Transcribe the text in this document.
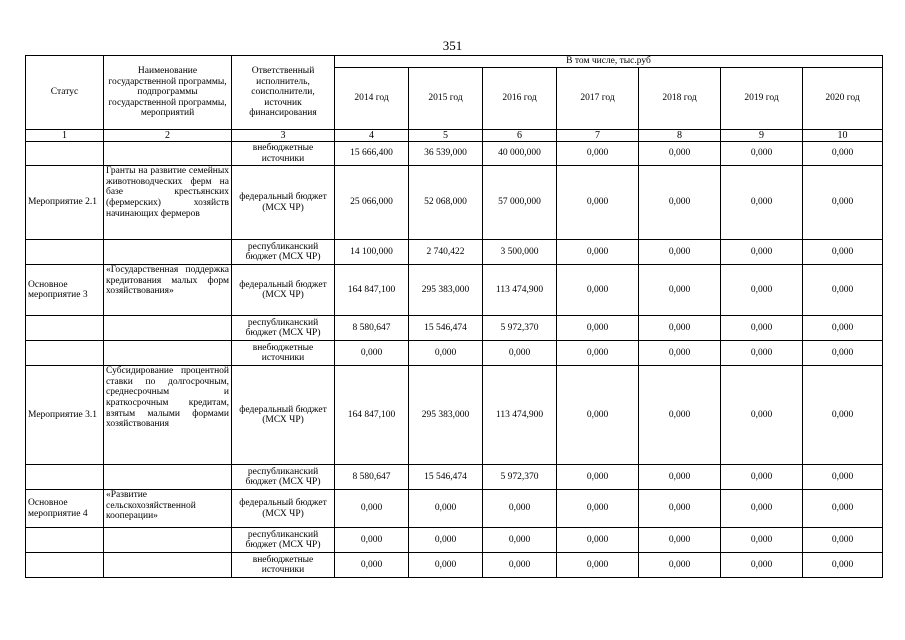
351
Статус	Наименование государственной программы, подпрограммы государственной программы, мероприятий	Ответственный исполнитель, соисполнители, источник финансирования	В том числе, тыс.руб						
			2014 год	2015 год	2016 год	2017 год	2018 год	2019 год	2020 год
1	2	3	4	5	6	7	8	9	10
		внебюджетные источники	15 666,400	36 539,000	40 000,000	0,000	0,000	0,000	0,000
Мероприятие 2.1	Гранты на развитие семейных животноводческих ферм на базе крестьянских (фермерских) хозяйств начинающих фермеров	федеральный бюджет (МСХ ЧР)	25 066,000	52 068,000	57 000,000	0,000	0,000	0,000	0,000
		республиканский бюджет (МСХ ЧР)	14 100,000	2 740,422	3 500,000	0,000	0,000	0,000	0,000
Основное мероприятие 3	«Государственная поддержка кредитования малых форм хозяйствования»	федеральный бюджет (МСХ ЧР)	164 847,100	295 383,000	113 474,900	0,000	0,000	0,000	0,000
		республиканский бюджет (МСХ ЧР)	8 580,647	15 546,474	5 972,370	0,000	0,000	0,000	0,000
		внебюджетные источники	0,000	0,000	0,000	0,000	0,000	0,000	0,000
Мероприятие 3.1	Субсидирование процентной ставки по долгосрочным, среднесрочным и краткосрочным кредитам, взятым малыми формами хозяйствования	федеральный бюджет (МСХ ЧР)	164 847,100	295 383,000	113 474,900	0,000	0,000	0,000	0,000
		республиканский бюджет (МСХ ЧР)	8 580,647	15 546,474	5 972,370	0,000	0,000	0,000	0,000
Основное мероприятие 4	«Развитие сельскохозяйственной кооперации»	федеральный бюджет (МСХ ЧР)	0,000	0,000	0,000	0,000	0,000	0,000	0,000
		республиканский бюджет (МСХ ЧР)	0,000	0,000	0,000	0,000	0,000	0,000	0,000
		внебюджетные источники	0,000	0,000	0,000	0,000	0,000	0,000	0,000
